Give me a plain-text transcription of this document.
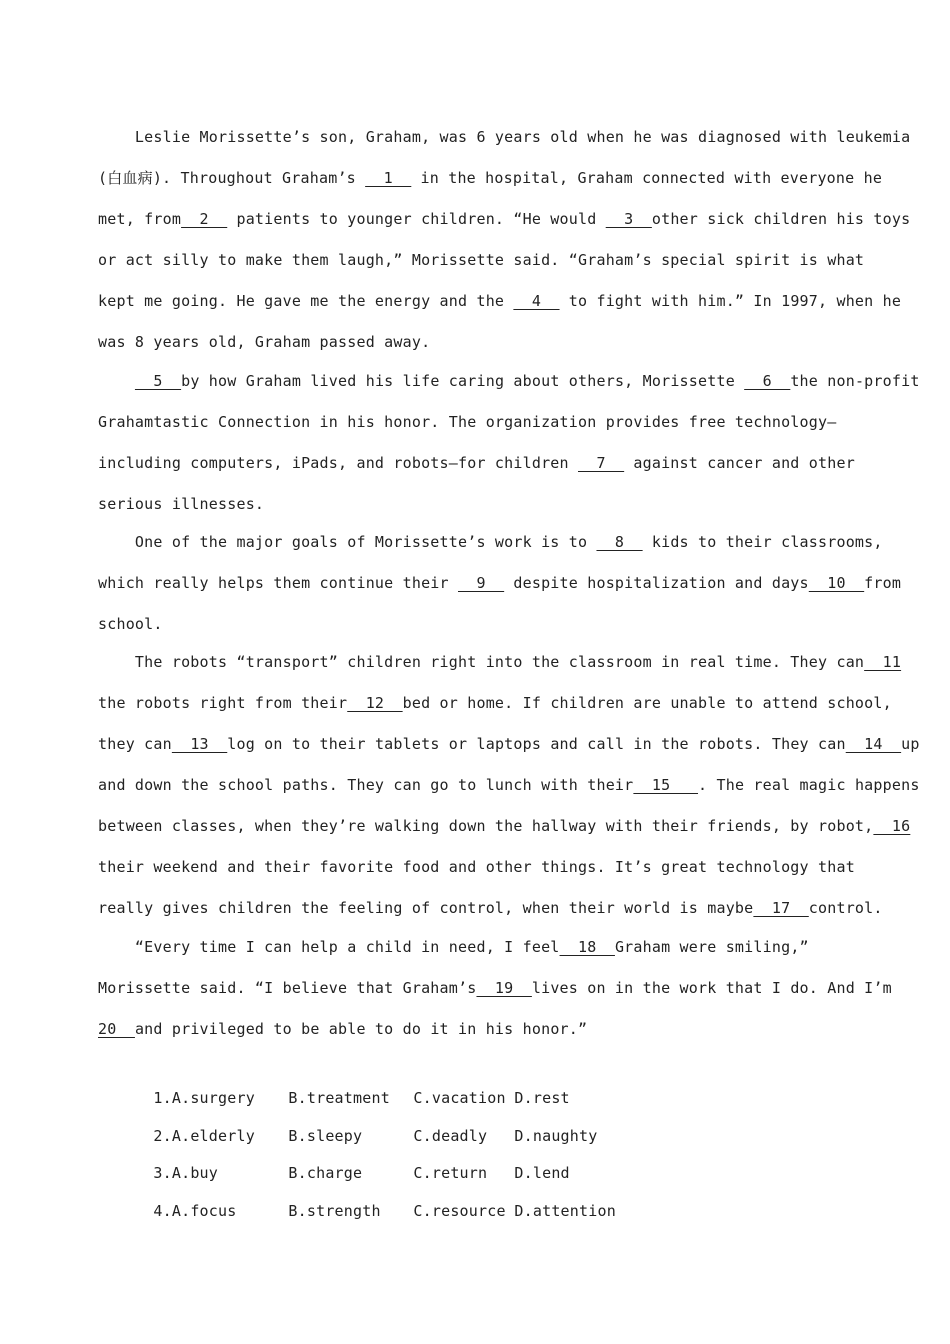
Leslie Morissette’s son, Graham, was 6 years old when he was diagnosed with leukemia
(白血病). Throughout Graham’s   1   in the hospital, Graham connected with everyone he
met, from  2   patients to younger children. “He would   3  other sick children his toys
or act silly to make them laugh,” Morissette said. “Graham’s special spirit is what
kept me going. He gave me the energy and the   4   to fight with him.” In 1997, when he
was 8 years old, Graham passed away.
5  by how Graham lived his life caring about others, Morissette   6  the non-profit
Grahamtastic Connection in his honor. The organization provides free technology—
including computers, iPads, and robots—for children   7   against cancer and other
serious illnesses.
One of the major goals of Morissette’s work is to   8   kids to their classrooms,
which really helps them continue their   9   despite hospitalization and days  10  from
school.
The robots “transport” children right into the classroom in real time. They can  11
the robots right from their  12  bed or home. If children are unable to attend school,
they can  13  log on to their tablets or laptops and call in the robots. They can  14  up
and down the school paths. They can go to lunch with their  15   . The real magic happens
between classes, when they’re walking down the hallway with their friends, by robot,  16
their weekend and their favorite food and other things. It’s great technology that
really gives children the feeling of control, when their world is maybe  17  control.
“Every time I can help a child in need, I feel  18  Graham were smiling,”
Morissette said. “I believe that Graham’s  19  lives on in the work that I do. And I’m
20  and privileged to be able to do it in his honor.”

1.A.surgery B.treatment C.vacation D.rest

2.A.elderly B.sleepy	C.deadly D.naughty

3.A.buy	B.charge	C.return D.lend

4.A.focus	B.strength C.resource D.attention
